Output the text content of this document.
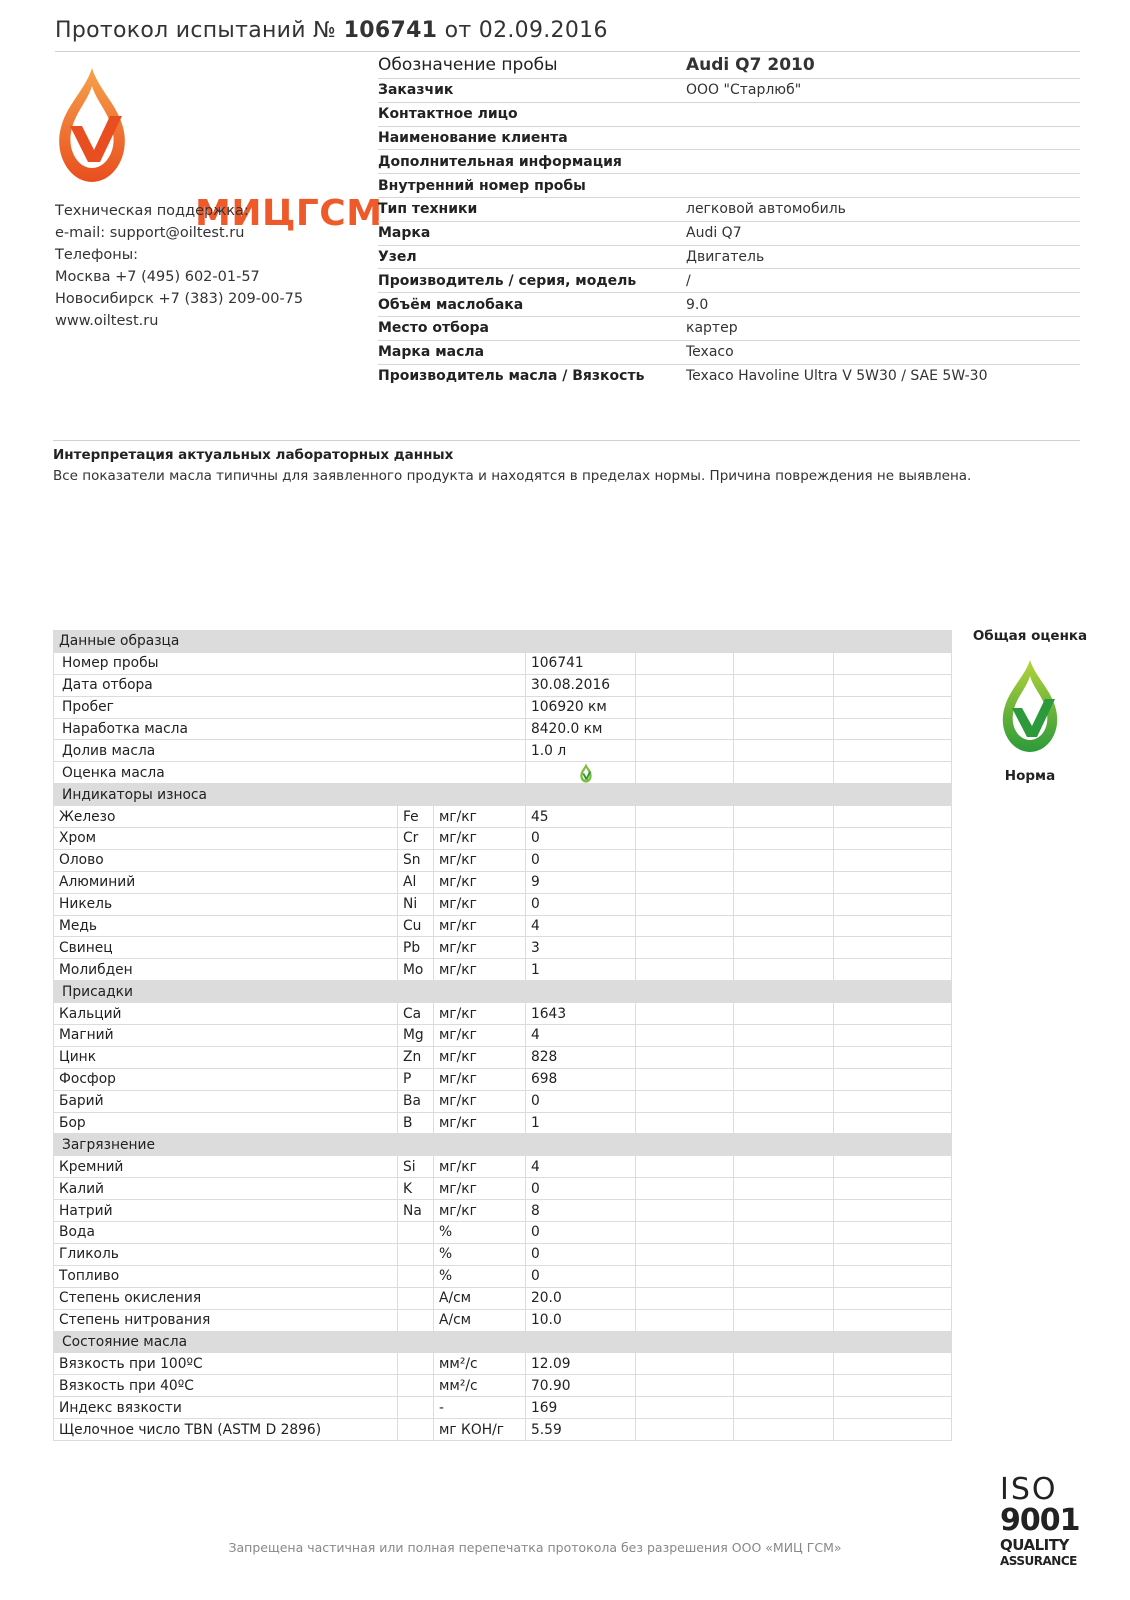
Протокол испытаний № 106741 от 02.09.2016
МИЦГСМ
Техническая поддержка:
e-mail: support@oiltest.ru
Телефоны:
Москва +7 (495) 602-01-57
Новосибирск +7 (383) 209-00-75
www.oiltest.ru
Обозначение пробы	Audi Q7 2010
Заказчик	ООО "Старлюб"
Контактное лицо
Наименование клиента
Дополнительная информация
Внутренний номер пробы
Тип техники	легковой автомобиль
Марка	Audi Q7
Узел	Двигатель
Производитель / серия, модель	/
Объём маслобака	9.0
Место отбора	картер
Марка масла	Texaco
Производитель масла / Вязкость	Texaco Havoline Ultra V 5W30 / SAE 5W-30
Интерпретация актуальных лабораторных данных
Все показатели масла типичны для заявленного продукта и находятся в пределах нормы. Причина повреждения не выявлена.
Данные образца						
Номер пробы			106741			
Дата отбора			30.08.2016			
Пробег			106920 км			
Наработка масла			8420.0 км			
Долив масла			1.0 л			
Оценка масла				
Индикаторы износа						
Железо	Fe	мг/кг	45			
Хром	Cr	мг/кг	0			
Олово	Sn	мг/кг	0			
Алюминий	Al	мг/кг	9			
Никель	Ni	мг/кг	0			
Медь	Cu	мг/кг	4			
Свинец	Pb	мг/кг	3			
Молибден	Mo	мг/кг	1			
Присадки						
Кальций	Ca	мг/кг	1643			
Магний	Mg	мг/кг	4			
Цинк	Zn	мг/кг	828			
Фосфор	P	мг/кг	698			
Барий	Ba	мг/кг	0			
Бор	B	мг/кг	1			
Загрязнение						
Кремний	Si	мг/кг	4			
Калий	K	мг/кг	0			
Натрий	Na	мг/кг	8			
Вода		%	0			
Гликоль		%	0			
Топливо		%	0			
Степень окисления		А/см	20.0			
Степень нитрования		А/см	10.0			
Состояние масла						
Вязкость при 100ºC		мм²/с	12.09			
Вязкость при 40ºC		мм²/с	70.90			
Индекс вязкости		-	169			
Щелочное число TBN (ASTM D 2896)		мг КОН/г	5.59			
Общая оценка
Норма
Запрещена частичная или полная перепечатка протокола без разрешения ООО «МИЦ ГСМ»
ISO
9001
QUALITY
ASSURANCE
